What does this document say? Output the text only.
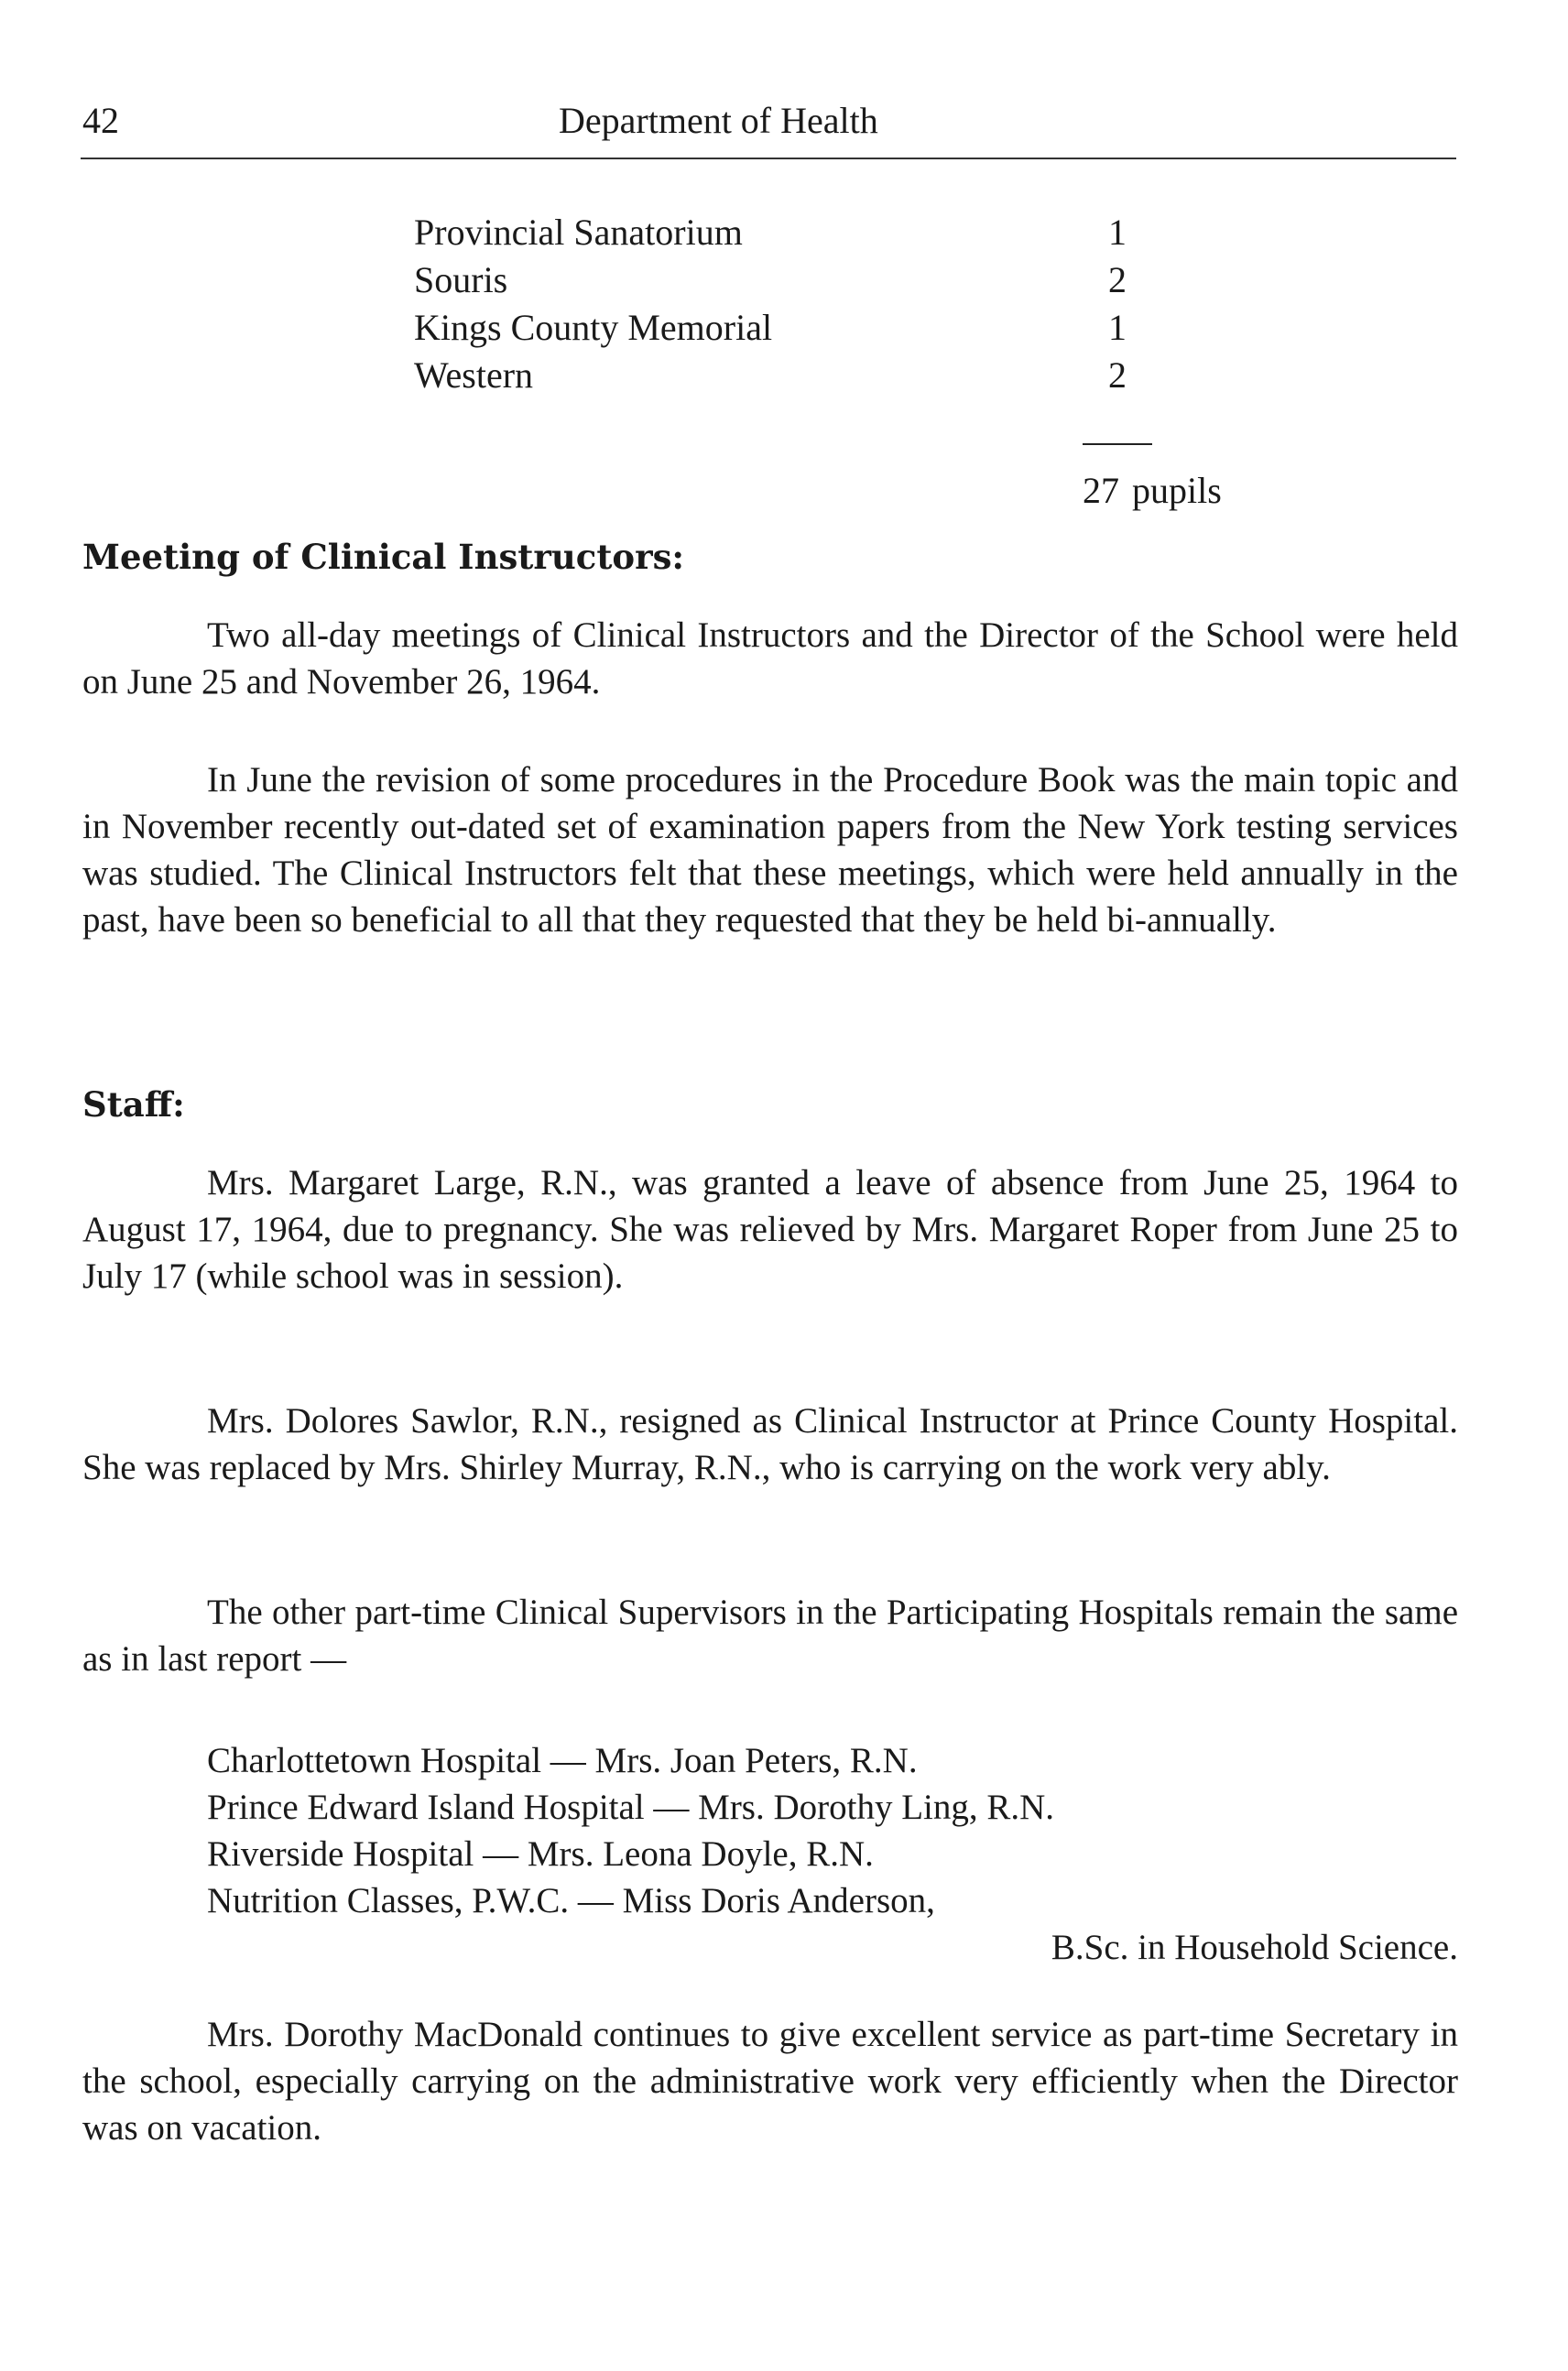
42	Department of Health
Provincial Sanatorium	1
Souris	2
Kings County Memorial	1
Western	2
27 pupils
Meeting of Clinical Instructors:

Two all-day meetings of Clinical Instructors and the Director of the School were held on June 25 and November 26, 1964.

In June the revision of some procedures in the Procedure Book was the main topic and in November recently out-dated set of examination papers from the New York testing services was studied. The Clinical Instructors felt that these meetings, which were held annually in the past, have been so beneficial to all that they requested that they be held bi-annually.

Staff:

Mrs. Margaret Large, R.N., was granted a leave of absence from June 25, 1964 to August 17, 1964, due to pregnancy. She was relieved by Mrs. Margaret Roper from June 25 to July 17 (while school was in session).

Mrs. Dolores Sawlor, R.N., resigned as Clinical Instructor at Prince County Hospital. She was replaced by Mrs. Shirley Murray, R.N., who is carrying on the work very ably.

The other part-time Clinical Supervisors in the Participating Hospitals remain the same as in last report —

Charlottetown Hospital — Mrs. Joan Peters, R.N.
Prince Edward Island Hospital — Mrs. Dorothy Ling, R.N.
Riverside Hospital — Mrs. Leona Doyle, R.N.
Nutrition Classes, P.W.C. — Miss Doris Anderson,
B.Sc. in Household Science.

Mrs. Dorothy MacDonald continues to give excellent service as part-time Secretary in the school, especially carrying on the administrative work very efficiently when the Director was on vacation.
